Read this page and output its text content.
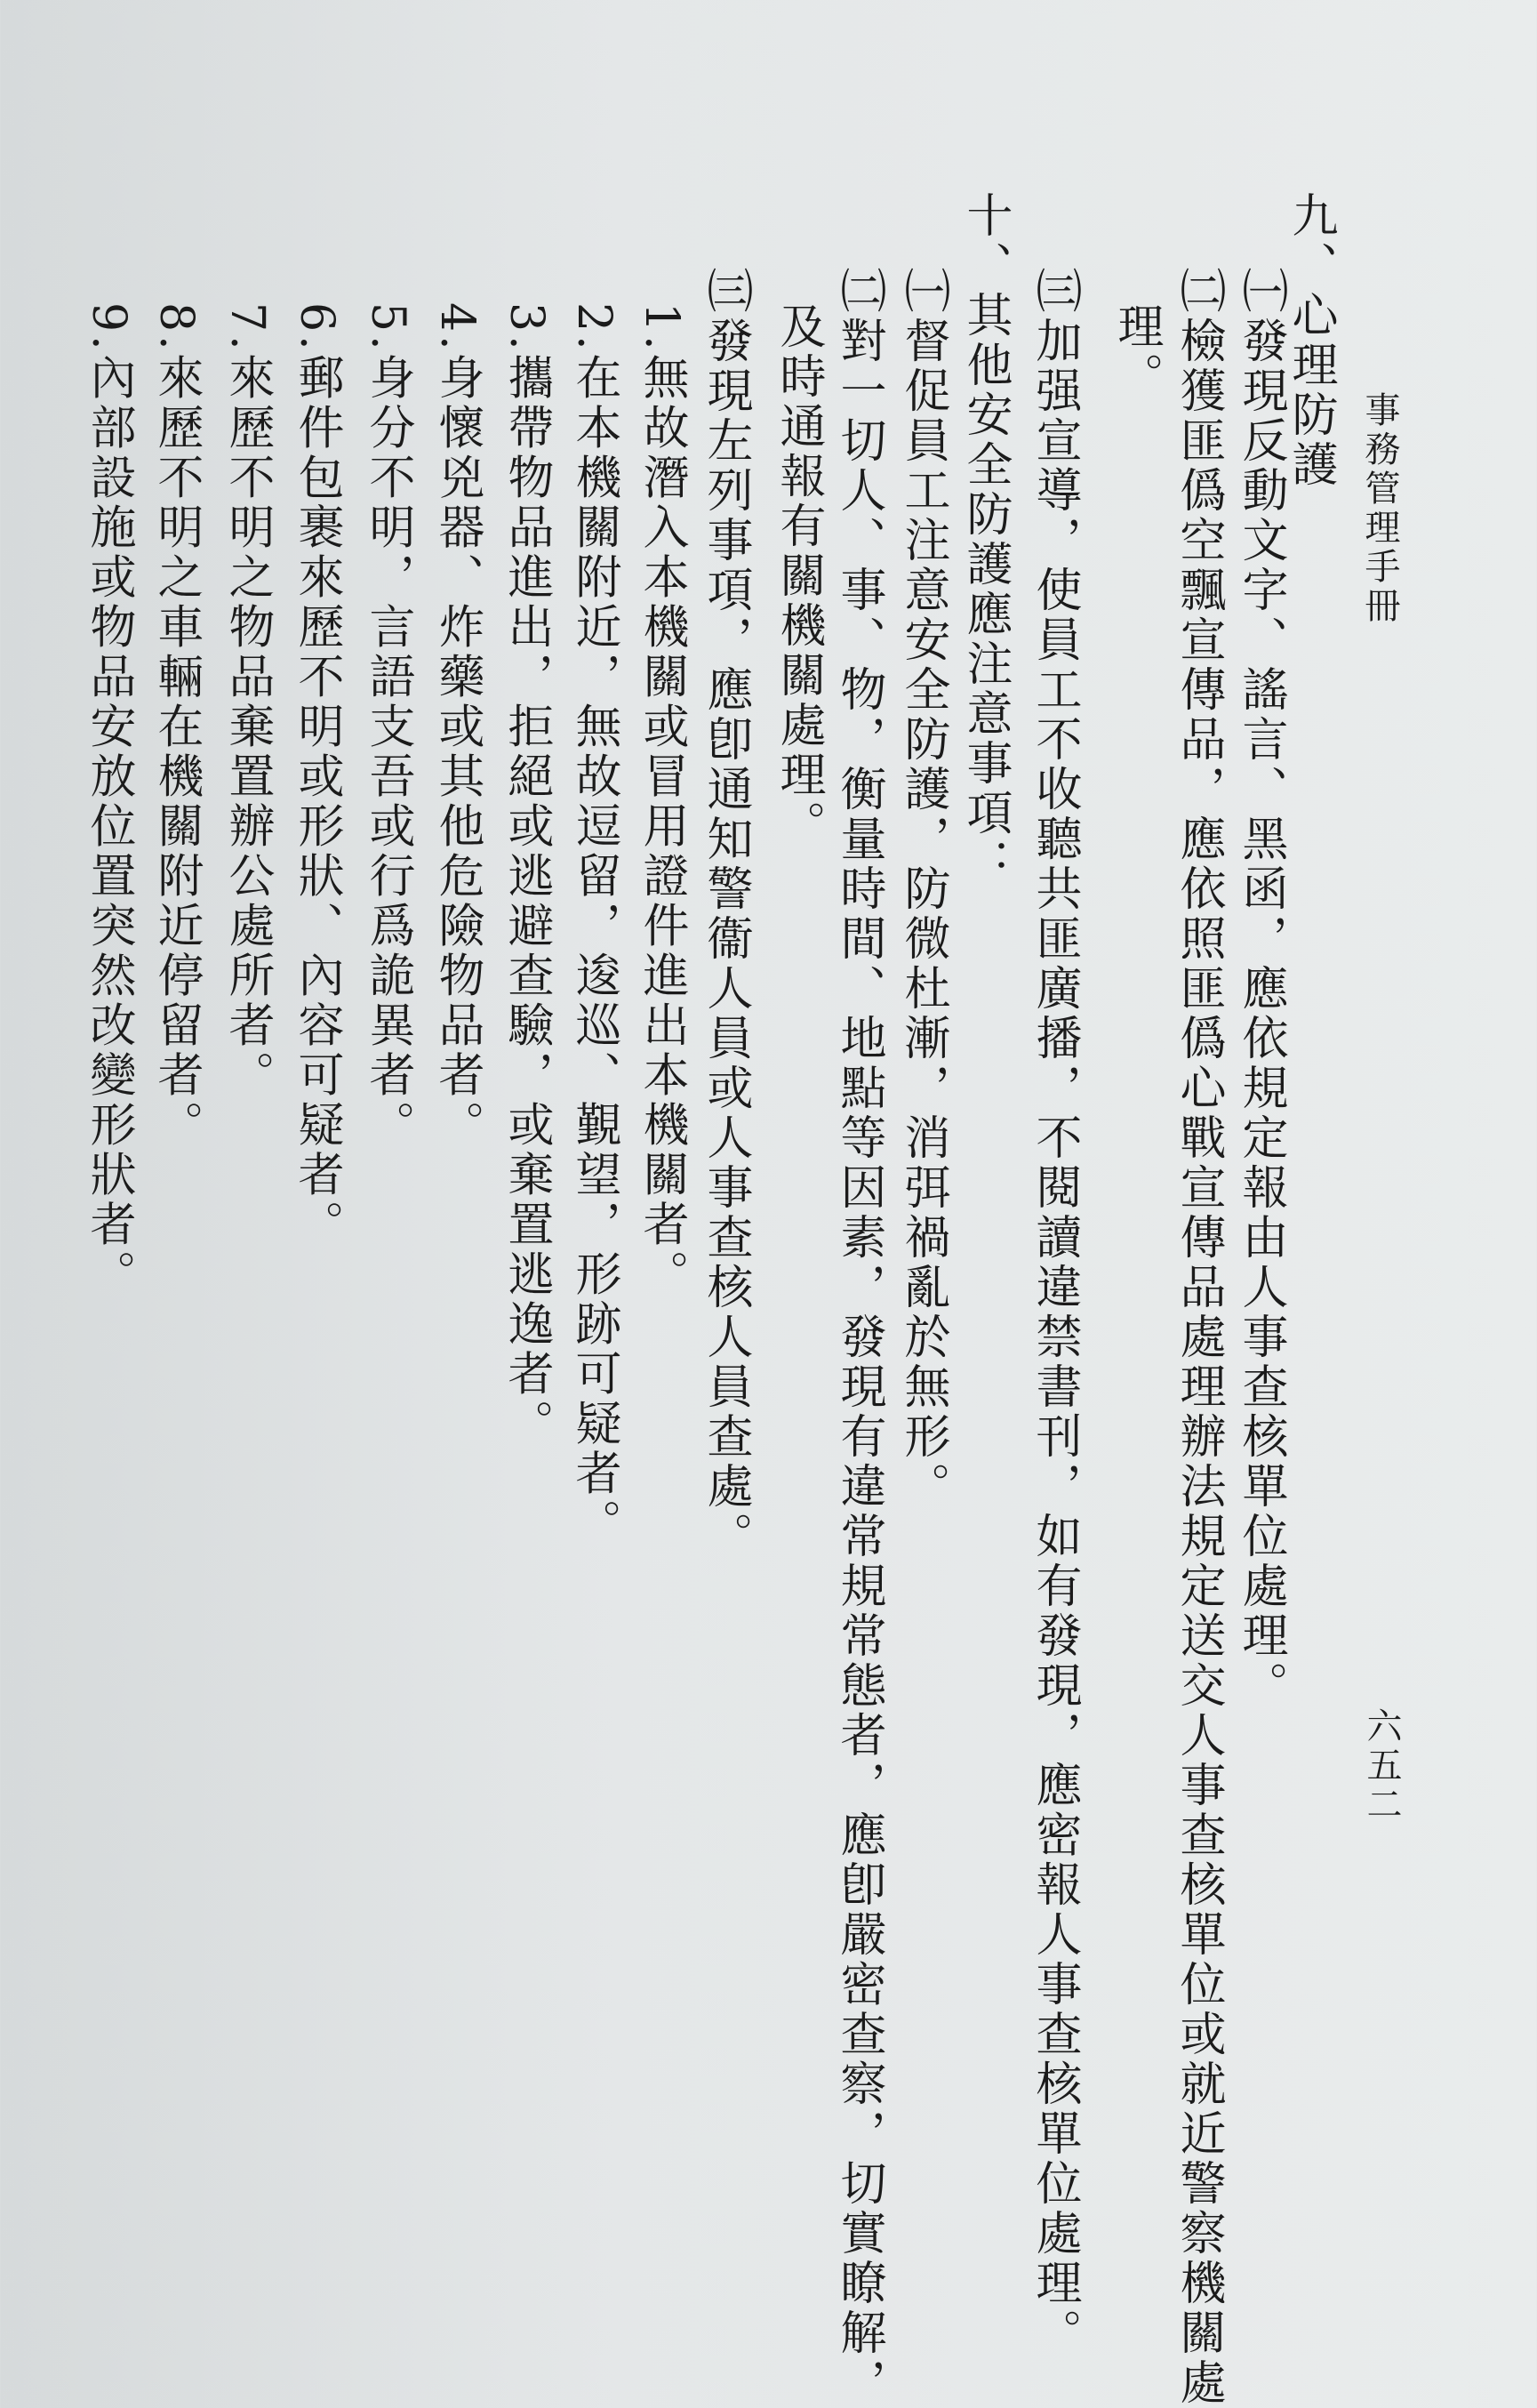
事務管理手冊
六五二
九、心理防護
㈠發現反動文字、謠言、黑函，應依規定報由人事查核單位處理。
㈡檢獲匪僞空飄宣傳品，應依照匪僞心戰宣傳品處理辦法規定送交人事查核單位或就近警察機關處
理。
㈢加强宣導，使員工不收聽共匪廣播，不閱讀違禁書刊，如有發現，應密報人事查核單位處理。
十、其他安全防護應注意事項：
㈠督促員工注意安全防護，防微杜漸，消弭禍亂於無形。
㈡對一切人、事、物，衡量時間、地點等因素，發現有違常規常態者，應卽嚴密查察，切實瞭解，
及時通報有關機關處理。
㈢發現左列事項，應卽通知警衞人員或人事查核人員查處。
1.無故潛入本機關或冒用證件進出本機關者。
2.在本機關附近，無故逗留，逡巡、覲望，形跡可疑者。
3.攜帶物品進出，拒絕或逃避查驗，或棄置逃逸者。
4.身懷兇器、炸藥或其他危險物品者。
5.身分不明，言語支吾或行爲詭異者。
6.郵件包裹來歷不明或形狀、內容可疑者。
7.來歷不明之物品棄置辦公處所者。
8.來歷不明之車輛在機關附近停留者。
9.內部設施或物品安放位置突然改變形狀者。
